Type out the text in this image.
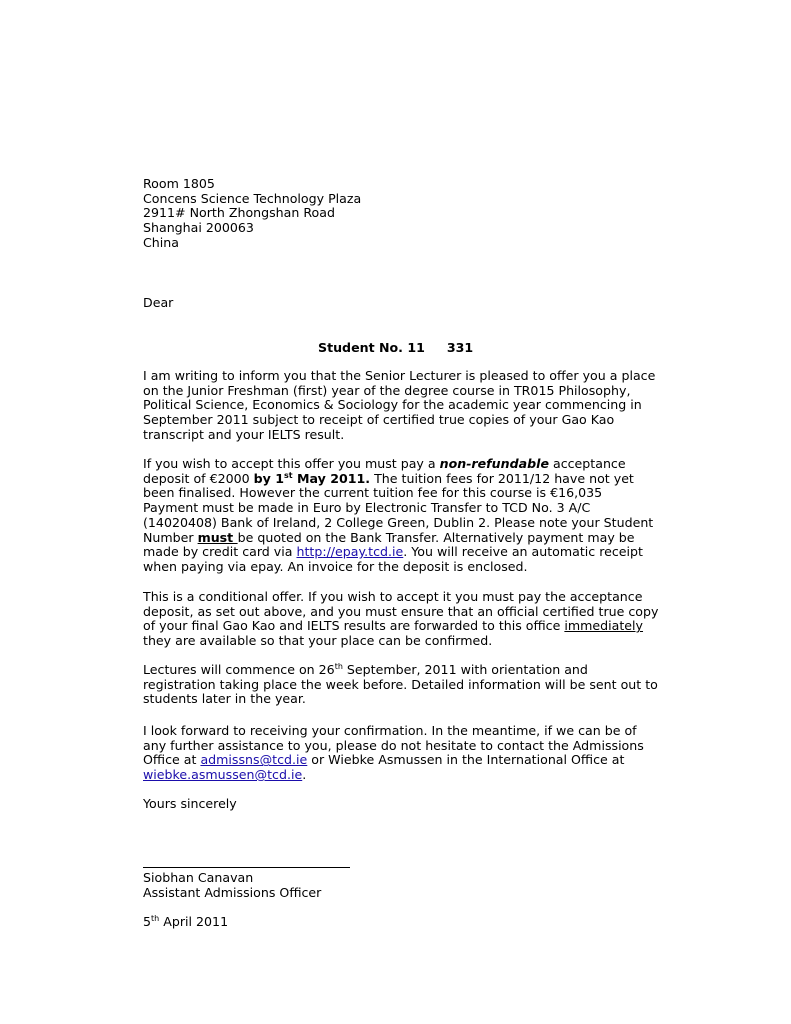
Room 1805
Concens Science Technology Plaza
2911# North Zhongshan Road
Shanghai 200063
China
Dear
Student No. 11 331
I am writing to inform you that the Senior Lecturer is pleased to offer you a place
on the Junior Freshman (first) year of the degree course in TR015 Philosophy,
Political Science, Economics & Sociology for the academic year commencing in
September 2011 subject to receipt of certified true copies of your Gao Kao
transcript and your IELTS result.
If you wish to accept this offer you must pay a non-refundable acceptance
deposit of €2000 by 1st May 2011. The tuition fees for 2011/12 have not yet
been finalised. However the current tuition fee for this course is €16,035
Payment must be made in Euro by Electronic Transfer to TCD No. 3 A/C
(14020408) Bank of Ireland, 2 College Green, Dublin 2. Please note your Student
Number must be quoted on the Bank Transfer. Alternatively payment may be
made by credit card via http://epay.tcd.ie. You will receive an automatic receipt
when paying via epay. An invoice for the deposit is enclosed.
This is a conditional offer. If you wish to accept it you must pay the acceptance
deposit, as set out above, and you must ensure that an official certified true copy
of your final Gao Kao and IELTS results are forwarded to this office immediately
they are available so that your place can be confirmed.
Lectures will commence on 26th September, 2011 with orientation and
registration taking place the week before. Detailed information will be sent out to
students later in the year.
I look forward to receiving your confirmation. In the meantime, if we can be of
any further assistance to you, please do not hesitate to contact the Admissions
Office at admissns@tcd.ie or Wiebke Asmussen in the International Office at
wiebke.asmussen@tcd.ie.
Yours sincerely
Siobhan Canavan
Assistant Admissions Officer
5th April 2011
